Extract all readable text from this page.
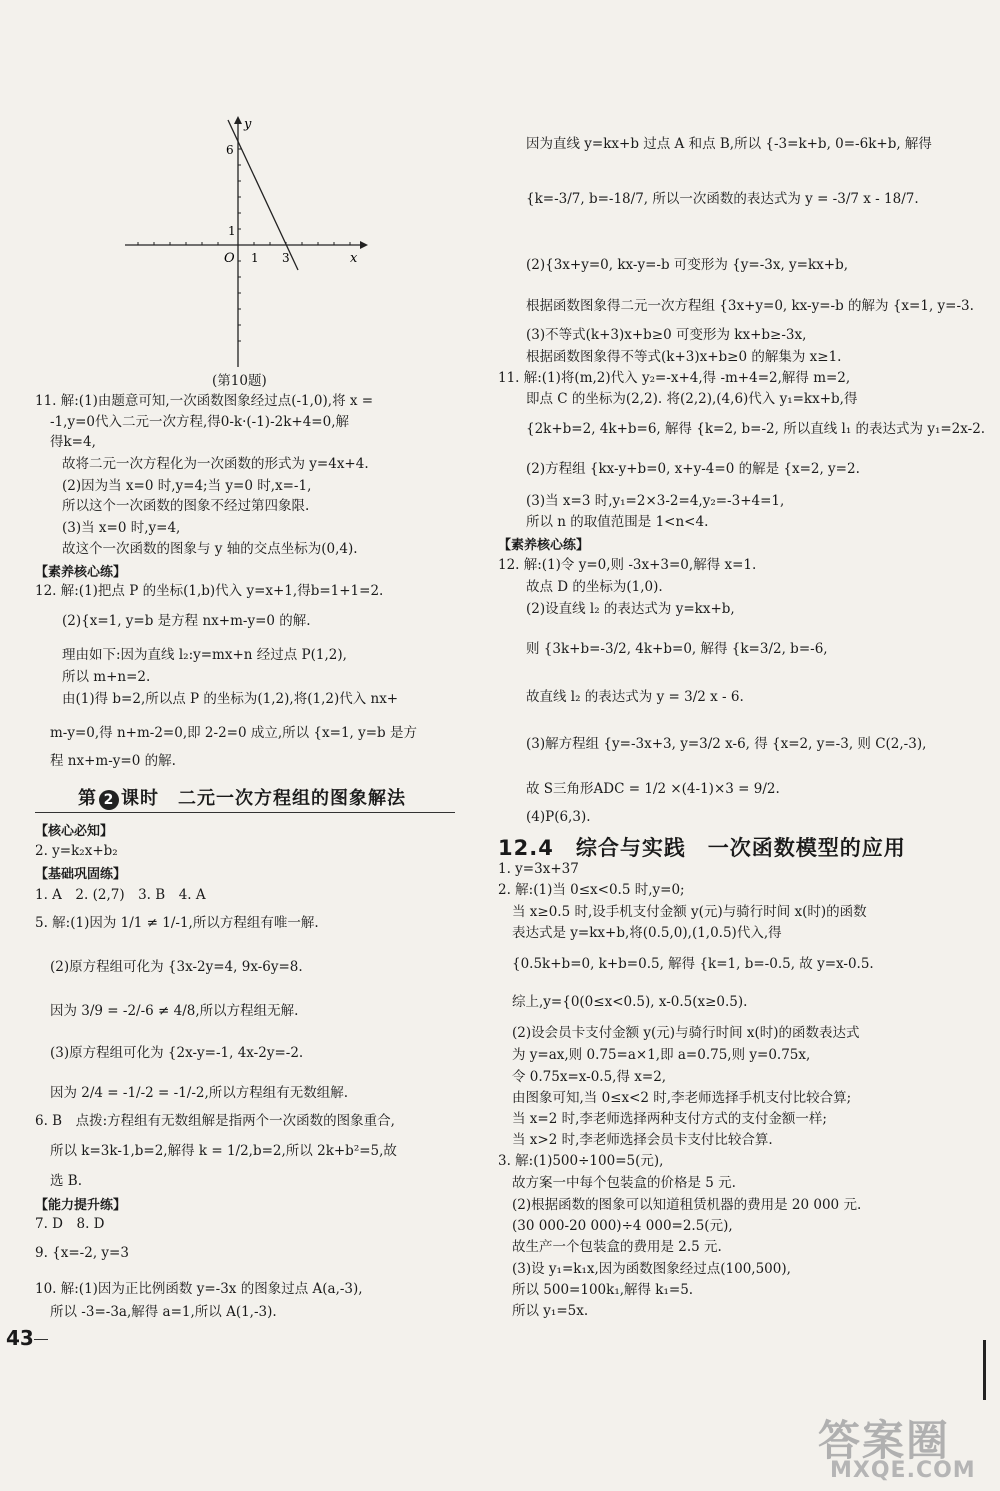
y
x
O
6
1
1 3
(第10题)
11. 解:(1)由题意可知,一次函数图象经过点(-1,0),将 x =
-1,y=0代入二元一次方程,得0-k·(-1)-2k+4=0,解
得k=4,
故将二元一次方程化为一次函数的形式为 y=4x+4.
(2)因为当 x=0 时,y=4;当 y=0 时,x=-1,
所以这个一次函数的图象不经过第四象限.
(3)当 x=0 时,y=4,
故这个一次函数的图象与 y 轴的交点坐标为(0,4).
【素养核心练】
12. 解:(1)把点 P 的坐标(1,b)代入 y=x+1,得b=1+1=2.
(2){x=1, y=b 是方程 nx+m-y=0 的解.
理由如下:因为直线 l₂:y=mx+n 经过点 P(1,2),
所以 m+n=2.
由(1)得 b=2,所以点 P 的坐标为(1,2),将(1,2)代入 nx+
m-y=0,得 n+m-2=0,即 2-2=0 成立,所以 {x=1, y=b 是方
程 nx+m-y=0 的解.
第 2 课时　二元一次方程组的图象解法
【核心必知】
2. y=k₂x+b₂
【基础巩固练】
1. A　2. (2,7)　3. B　4. A
5. 解:(1)因为 1/1 ≠ 1/-1,所以方程组有唯一解.
(2)原方程组可化为 {3x-2y=4, 9x-6y=8.
因为 3/9 = -2/-6 ≠ 4/8,所以方程组无解.
(3)原方程组可化为 {2x-y=-1, 4x-2y=-2.
因为 2/4 = -1/-2 = -1/-2,所以方程组有无数组解.
6. B　点拨:方程组有无数组解是指两个一次函数的图象重合,
所以 k=3k-1,b=2,解得 k = 1/2,b=2,所以 2k+b²=5,故
选 B.
【能力提升练】
7. D　8. D
9. {x=-2, y=3
10. 解:(1)因为正比例函数 y=-3x 的图象过点 A(a,-3),
所以 -3=-3a,解得 a=1,所以 A(1,-3).
43
因为直线 y=kx+b 过点 A 和点 B,所以 {-3=k+b, 0=-6k+b, 解得
{k=-3/7, b=-18/7, 所以一次函数的表达式为 y = -3/7 x - 18/7.
(2){3x+y=0, kx-y=-b 可变形为 {y=-3x, y=kx+b,
根据函数图象得二元一次方程组 {3x+y=0, kx-y=-b 的解为 {x=1, y=-3.
(3)不等式(k+3)x+b≥0 可变形为 kx+b≥-3x,
根据函数图象得不等式(k+3)x+b≥0 的解集为 x≥1.
11. 解:(1)将(m,2)代入 y₂=-x+4,得 -m+4=2,解得 m=2,
即点 C 的坐标为(2,2). 将(2,2),(4,6)代入 y₁=kx+b,得
{2k+b=2, 4k+b=6, 解得 {k=2, b=-2, 所以直线 l₁ 的表达式为 y₁=2x-2.
(2)方程组 {kx-y+b=0, x+y-4=0 的解是 {x=2, y=2.
(3)当 x=3 时,y₁=2×3-2=4,y₂=-3+4=1,
所以 n 的取值范围是 1<n<4.
【素养核心练】
12. 解:(1)令 y=0,则 -3x+3=0,解得 x=1.
故点 D 的坐标为(1,0).
(2)设直线 l₂ 的表达式为 y=kx+b,
则 {3k+b=-3/2, 4k+b=0, 解得 {k=3/2, b=-6,
故直线 l₂ 的表达式为 y = 3/2 x - 6.
(3)解方程组 {y=-3x+3, y=3/2 x-6, 得 {x=2, y=-3, 则 C(2,-3),
故 S三角形ADC = 1/2 ×(4-1)×3 = 9/2.
(4)P(6,3).
12.4　综合与实践　一次函数模型的应用
1. y=3x+37
2. 解:(1)当 0≤x<0.5 时,y=0;
当 x≥0.5 时,设手机支付金额 y(元)与骑行时间 x(时)的函数
表达式是 y=kx+b,将(0.5,0),(1,0.5)代入,得
{0.5k+b=0, k+b=0.5, 解得 {k=1, b=-0.5, 故 y=x-0.5.
综上,y={0(0≤x<0.5), x-0.5(x≥0.5).
(2)设会员卡支付金额 y(元)与骑行时间 x(时)的函数表达式
为 y=ax,则 0.75=a×1,即 a=0.75,则 y=0.75x,
令 0.75x=x-0.5,得 x=2,
由图象可知,当 0≤x<2 时,李老师选择手机支付比较合算;
当 x=2 时,李老师选择两种支付方式的支付金额一样;
当 x>2 时,李老师选择会员卡支付比较合算.
3. 解:(1)500÷100=5(元),
故方案一中每个包装盒的价格是 5 元.
(2)根据函数的图象可以知道租赁机器的费用是 20 000 元.
(30 000-20 000)÷4 000=2.5(元),
故生产一个包装盒的费用是 2.5 元.
(3)设 y₁=k₁x,因为函数图象经过点(100,500),
所以 500=100k₁,解得 k₁=5.
所以 y₁=5x.
答案圈
MXQE.COM
